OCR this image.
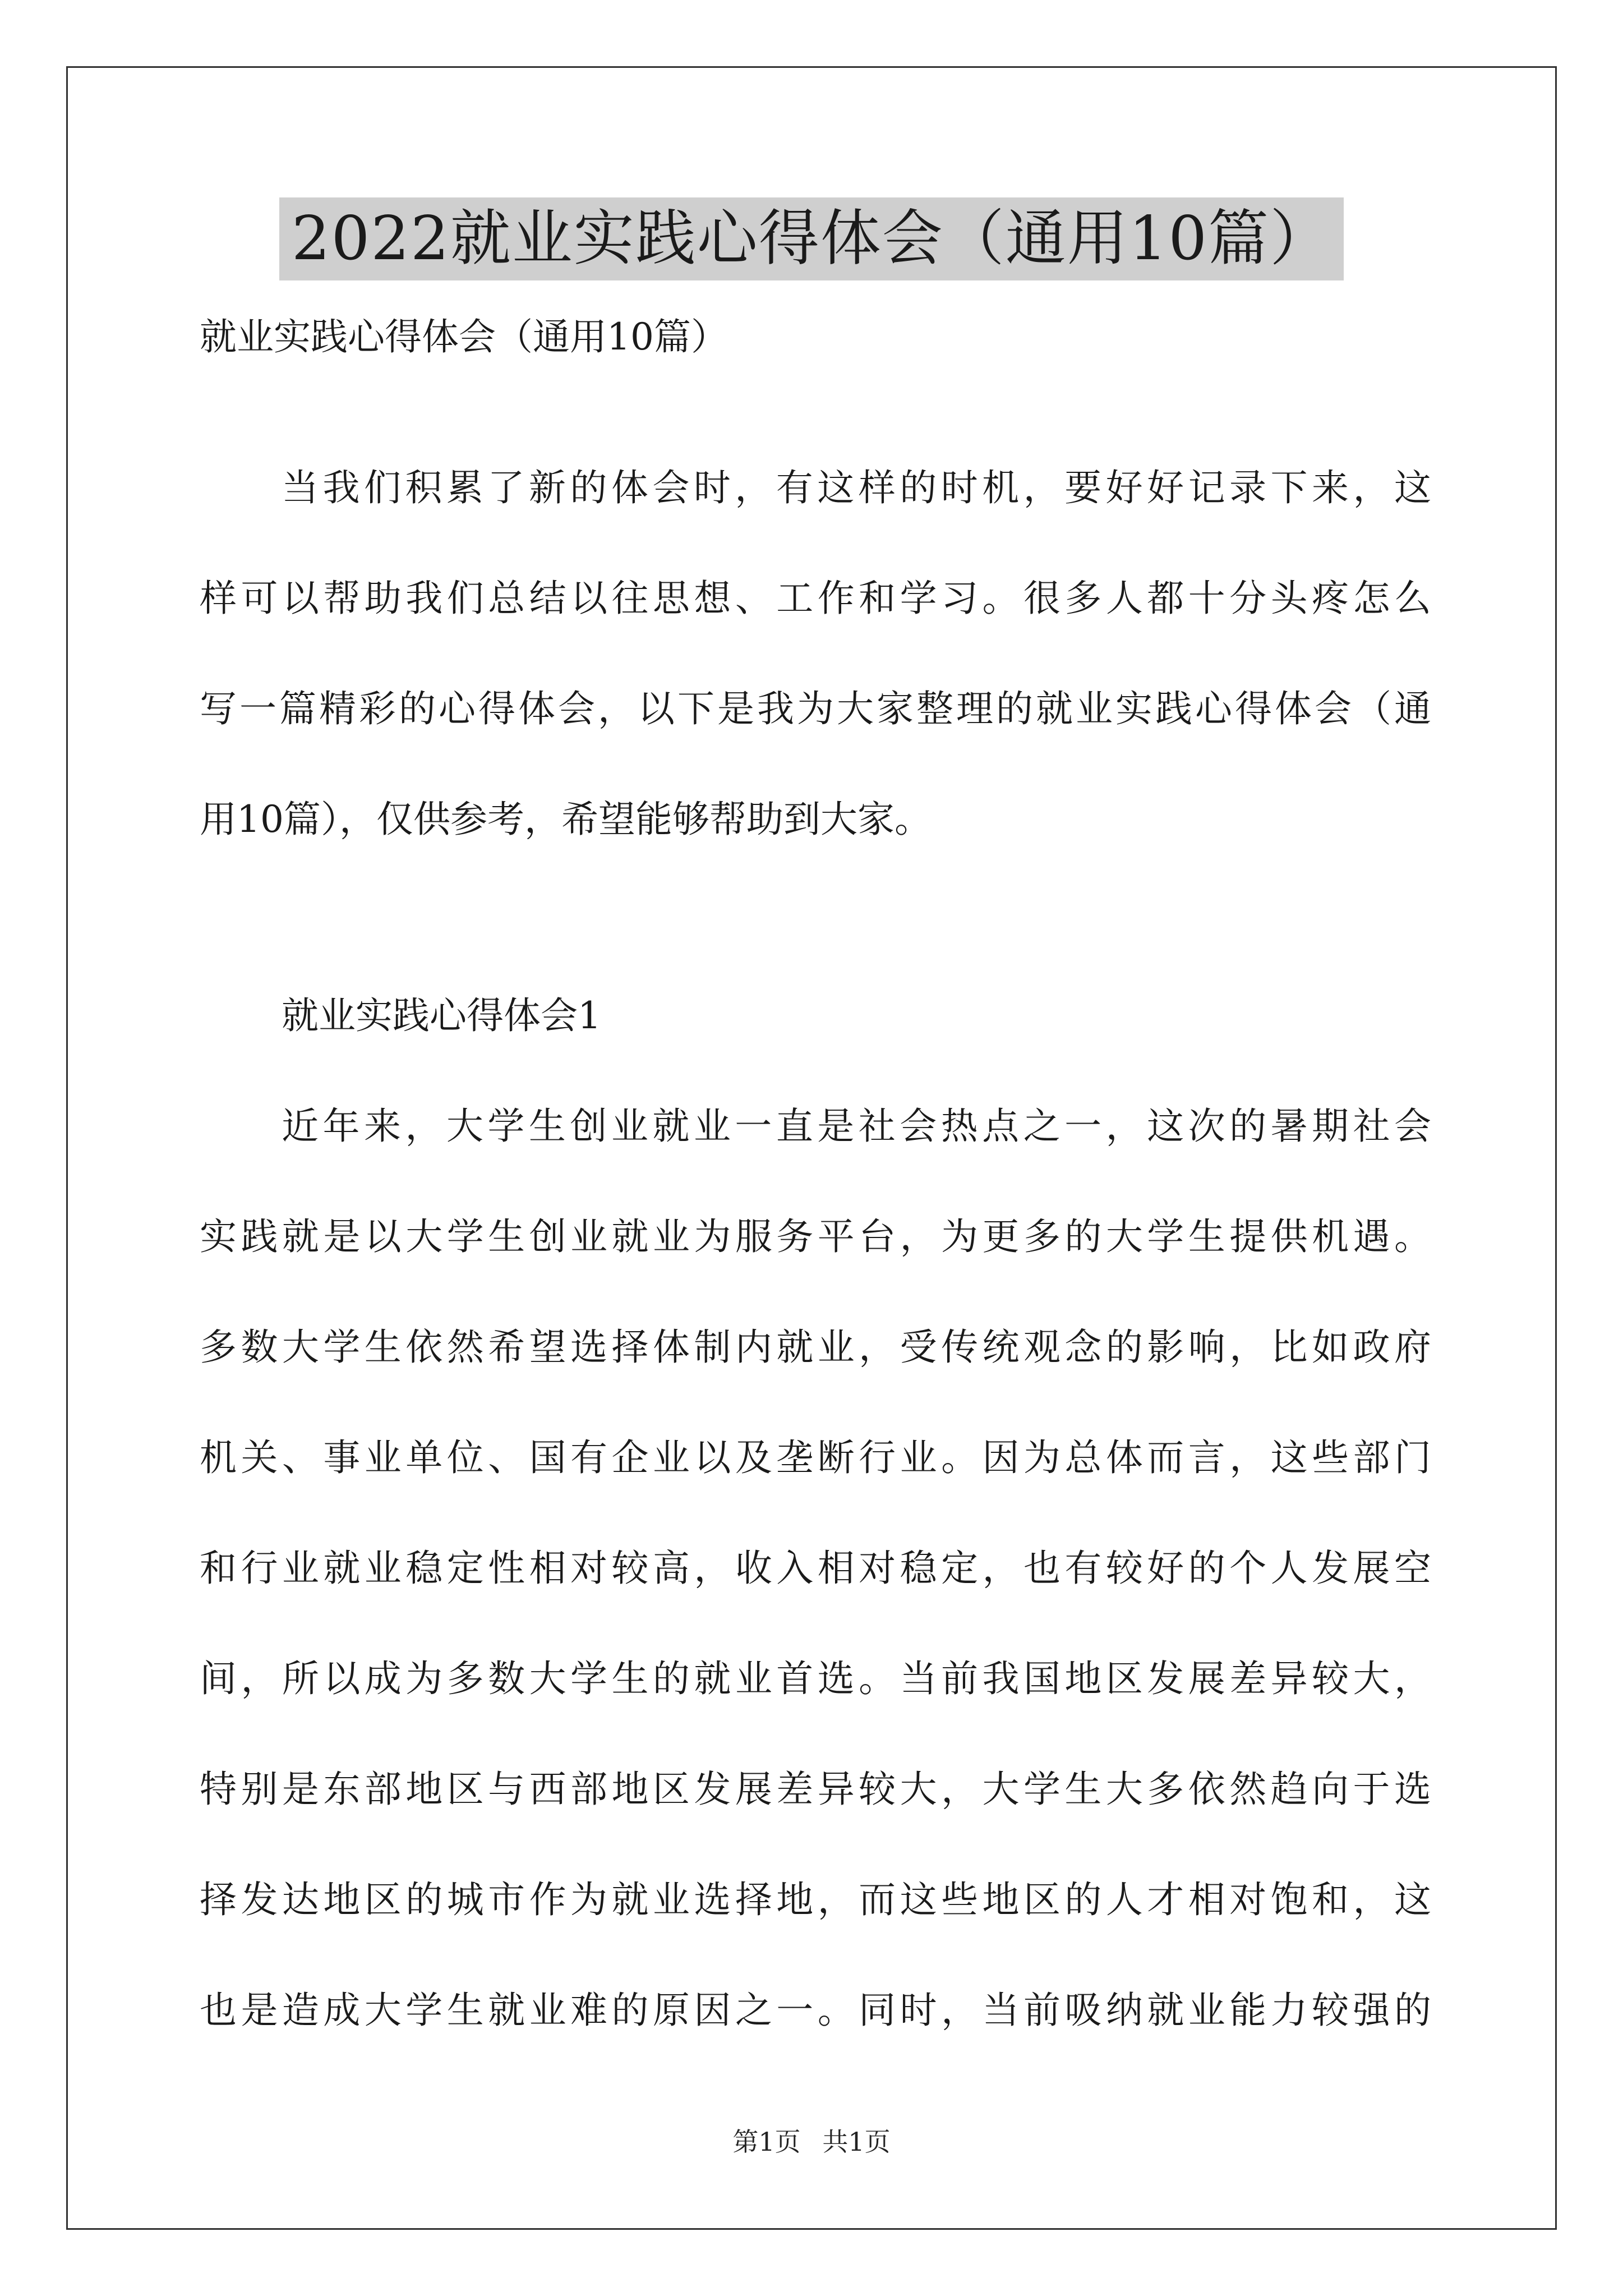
2022就业实践心得体会（通用10篇）
就业实践心得体会（通用10篇）
当我们积累了新的体会时，有这样的时机，要好好记录下来，这
样可以帮助我们总结以往思想、工作和学习。很多人都十分头疼怎么
写一篇精彩的心得体会，以下是我为大家整理的就业实践心得体会（通
用10篇），仅供参考，希望能够帮助到大家。
就业实践心得体会1
近年来，大学生创业就业一直是社会热点之一，这次的暑期社会
实践就是以大学生创业就业为服务平台，为更多的大学生提供机遇。
多数大学生依然希望选择体制内就业，受传统观念的影响，比如政府
机关、事业单位、国有企业以及垄断行业。因为总体而言，这些部门
和行业就业稳定性相对较高，收入相对稳定，也有较好的个人发展空
间，所以成为多数大学生的就业首选。当前我国地区发展差异较大，
特别是东部地区与西部地区发展差异较大，大学生大多依然趋向于选
择发达地区的城市作为就业选择地，而这些地区的人才相对饱和，这
也是造成大学生就业难的原因之一。同时，当前吸纳就业能力较强的
第1页 共1页
